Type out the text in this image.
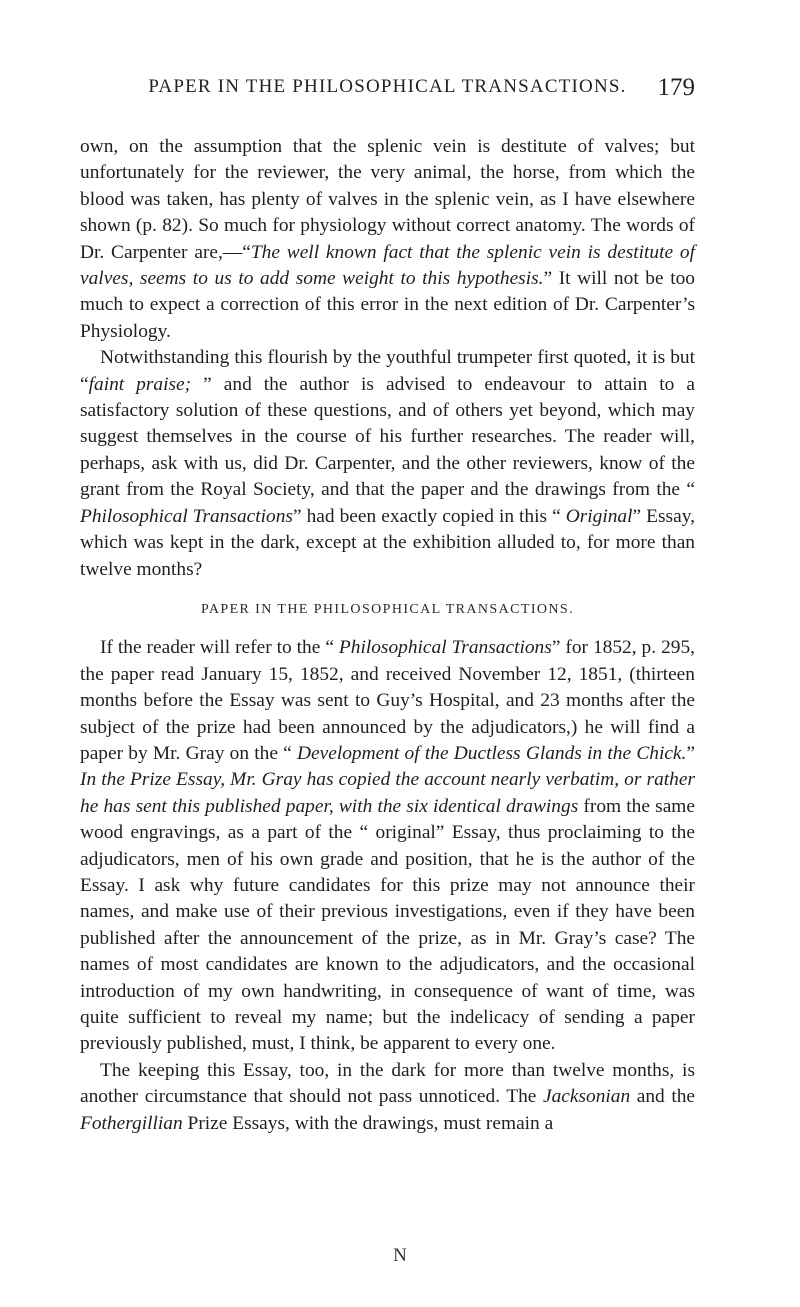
PAPER IN THE PHILOSOPHICAL TRANSACTIONS.	179

own, on the assumption that the splenic vein is destitute of valves; but unfortunately for the reviewer, the very animal, the horse, from which the blood was taken, has plenty of valves in the splenic vein, as I have elsewhere shown (p. 82). So much for physiology without correct anatomy. The words of Dr. Carpenter are,—“The well known fact that the splenic vein is destitute of valves, seems to us to add some weight to this hypothesis.” It will not be too much to expect a correction of this error in the next edition of Dr. Carpenter’s Physiology.

Notwithstanding this flourish by the youthful trumpeter first quoted, it is but “faint praise; ” and the author is advised to endeavour to attain to a satisfactory solution of these questions, and of others yet beyond, which may suggest themselves in the course of his further researches. The reader will, perhaps, ask with us, did Dr. Carpenter, and the other reviewers, know of the grant from the Royal Society, and that the paper and the drawings from the “ Philosophical Transactions” had been exactly copied in this “ Original” Essay, which was kept in the dark, except at the exhibition alluded to, for more than twelve months?

PAPER IN THE PHILOSOPHICAL TRANSACTIONS.

If the reader will refer to the “ Philosophical Transactions” for 1852, p. 295, the paper read January 15, 1852, and received November 12, 1851, (thirteen months before the Essay was sent to Guy’s Hospital, and 23 months after the subject of the prize had been announced by the adjudicators,) he will find a paper by Mr. Gray on the “ Development of the Ductless Glands in the Chick.” In the Prize Essay, Mr. Gray has copied the account nearly verbatim, or rather he has sent this published paper, with the six identical drawings from the same wood engravings, as a part of the “ original” Essay, thus proclaiming to the adjudicators, men of his own grade and position, that he is the author of the Essay. I ask why future candidates for this prize may not announce their names, and make use of their previous investigations, even if they have been published after the announcement of the prize, as in Mr. Gray’s case? The names of most candidates are known to the adjudicators, and the occasional introduction of my own handwriting, in consequence of want of time, was quite sufficient to reveal my name; but the indelicacy of sending a paper previously published, must, I think, be apparent to every one.

The keeping this Essay, too, in the dark for more than twelve months, is another circumstance that should not pass unnoticed. The Jacksonian and the Fothergillian Prize Essays, with the drawings, must remain a

N
